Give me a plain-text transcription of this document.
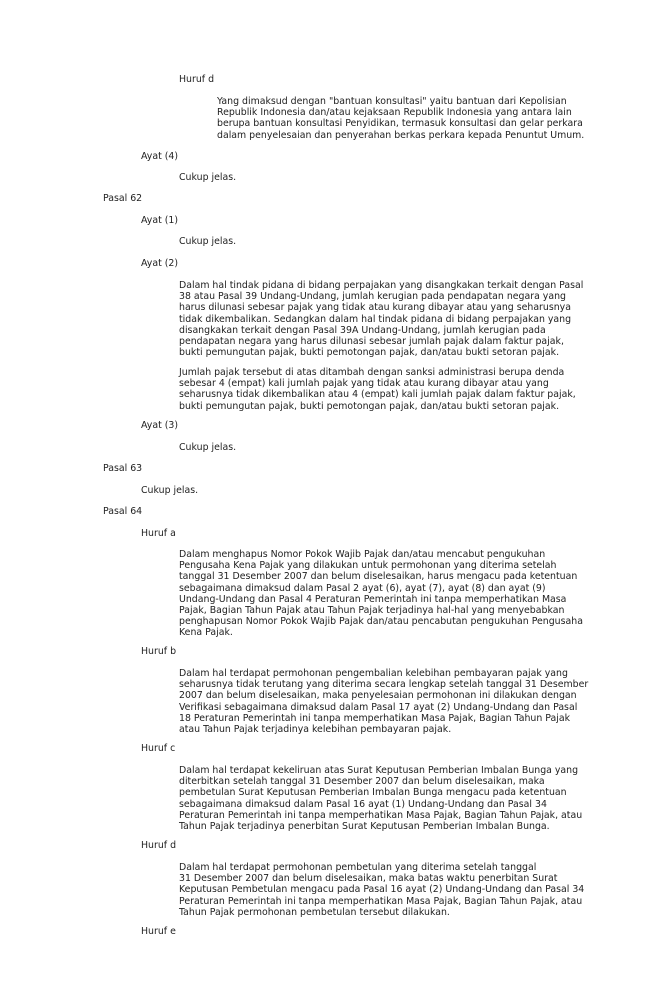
Huruf d

Yang dimaksud dengan "bantuan konsultasi" yaitu bantuan dari Kepolisian
Republik Indonesia dan/atau kejaksaan Republik Indonesia yang antara lain
berupa bantuan konsultasi Penyidikan, termasuk konsultasi dan gelar perkara
dalam penyelesaian dan penyerahan berkas perkara kepada Penuntut Umum.

Ayat (4)

Cukup jelas.

Pasal 62

Ayat (1)

Cukup jelas.

Ayat (2)

Dalam hal tindak pidana di bidang perpajakan yang disangkakan terkait dengan Pasal
38 atau Pasal 39 Undang-Undang, jumlah kerugian pada pendapatan negara yang
harus dilunasi sebesar pajak yang tidak atau kurang dibayar atau yang seharusnya
tidak dikembalikan. Sedangkan dalam hal tindak pidana di bidang perpajakan yang
disangkakan terkait dengan Pasal 39A Undang-Undang, jumlah kerugian pada
pendapatan negara yang harus dilunasi sebesar jumlah pajak dalam faktur pajak,
bukti pemungutan pajak, bukti pemotongan pajak, dan/atau bukti setoran pajak.
Jumlah pajak tersebut di atas ditambah dengan sanksi administrasi berupa denda
sebesar 4 (empat) kali jumlah pajak yang tidak atau kurang dibayar atau yang
seharusnya tidak dikembalikan atau 4 (empat) kali jumlah pajak dalam faktur pajak,
bukti pemungutan pajak, bukti pemotongan pajak, dan/atau bukti setoran pajak.

Ayat (3)

Cukup jelas.

Pasal 63

Cukup jelas.

Pasal 64

Huruf a

Dalam menghapus Nomor Pokok Wajib Pajak dan/atau mencabut pengukuhan
Pengusaha Kena Pajak yang dilakukan untuk permohonan yang diterima setelah
tanggal 31 Desember 2007 dan belum diselesaikan, harus mengacu pada ketentuan
sebagaimana dimaksud dalam Pasal 2 ayat (6), ayat (7), ayat (8) dan ayat (9)
Undang-Undang dan Pasal 4 Peraturan Pemerintah ini tanpa memperhatikan Masa
Pajak, Bagian Tahun Pajak atau Tahun Pajak terjadinya hal-hal yang menyebabkan
penghapusan Nomor Pokok Wajib Pajak dan/atau pencabutan pengukuhan Pengusaha
Kena Pajak.

Huruf b

Dalam hal terdapat permohonan pengembalian kelebihan pembayaran pajak yang
seharusnya tidak terutang yang diterima secara lengkap setelah tanggal 31 Desember
2007 dan belum diselesaikan, maka penyelesaian permohonan ini dilakukan dengan
Verifikasi sebagaimana dimaksud dalam Pasal 17 ayat (2) Undang-Undang dan Pasal
18 Peraturan Pemerintah ini tanpa memperhatikan Masa Pajak, Bagian Tahun Pajak
atau Tahun Pajak terjadinya kelebihan pembayaran pajak.

Huruf c

Dalam hal terdapat kekeliruan atas Surat Keputusan Pemberian Imbalan Bunga yang
diterbitkan setelah tanggal 31 Desember 2007 dan belum diselesaikan, maka
pembetulan Surat Keputusan Pemberian Imbalan Bunga mengacu pada ketentuan
sebagaimana dimaksud dalam Pasal 16 ayat (1) Undang-Undang dan Pasal 34
Peraturan Pemerintah ini tanpa memperhatikan Masa Pajak, Bagian Tahun Pajak, atau
Tahun Pajak terjadinya penerbitan Surat Keputusan Pemberian Imbalan Bunga.

Huruf d

Dalam hal terdapat permohonan pembetulan yang diterima setelah tanggal
31 Desember 2007 dan belum diselesaikan, maka batas waktu penerbitan Surat
Keputusan Pembetulan mengacu pada Pasal 16 ayat (2) Undang-Undang dan Pasal 34
Peraturan Pemerintah ini tanpa memperhatikan Masa Pajak, Bagian Tahun Pajak, atau
Tahun Pajak permohonan pembetulan tersebut dilakukan.

Huruf e
